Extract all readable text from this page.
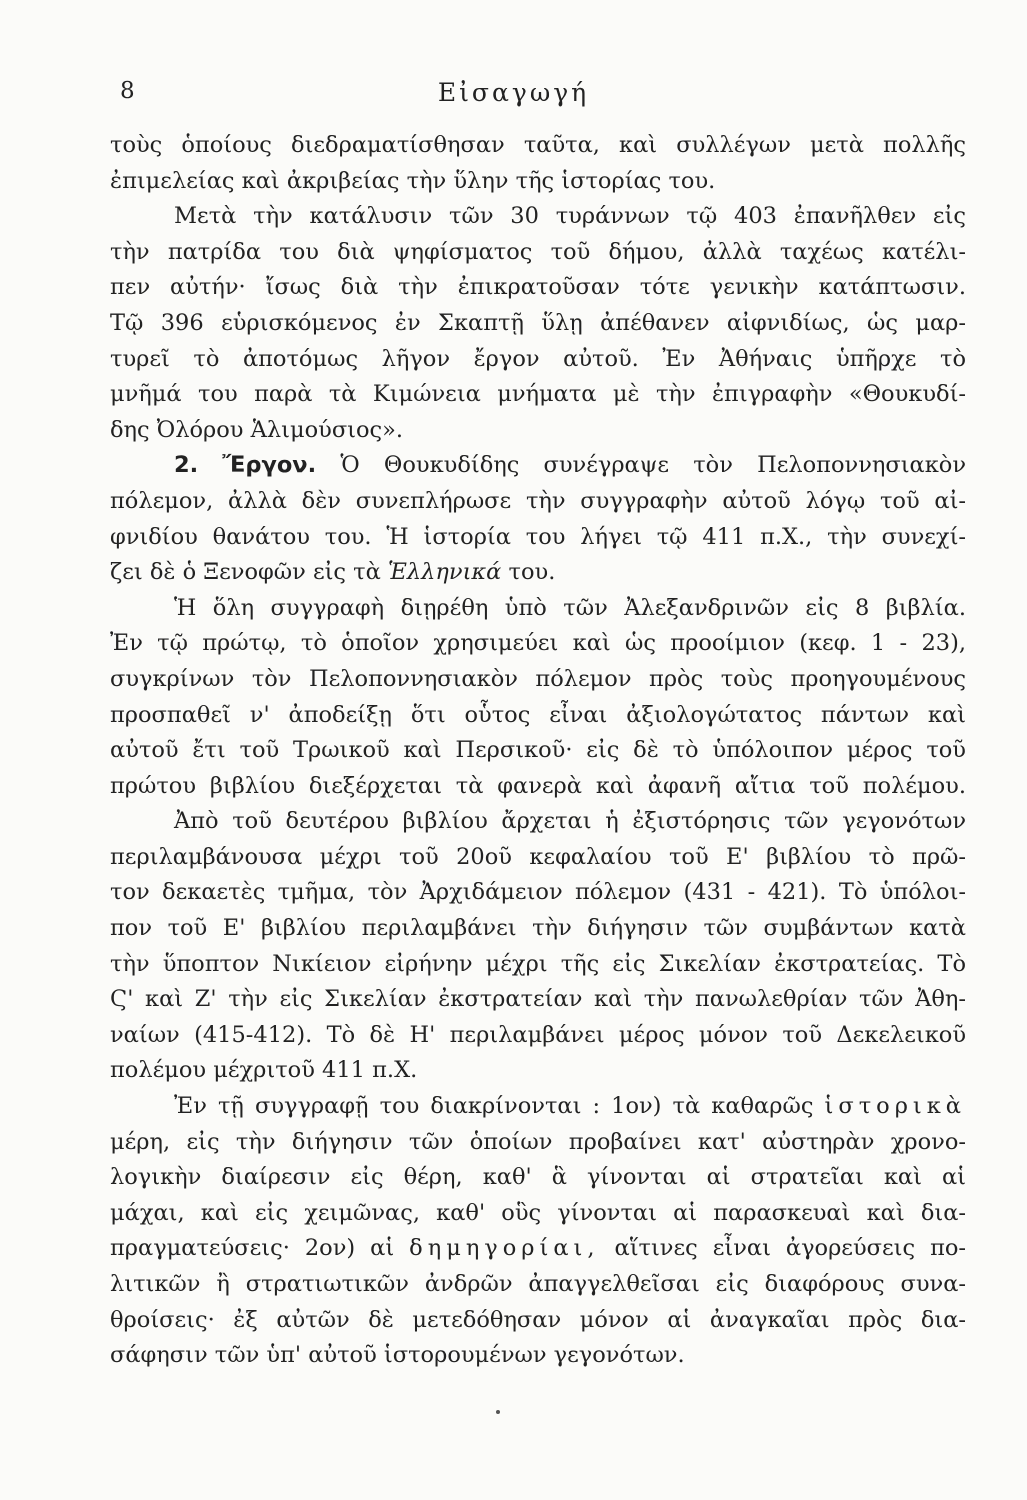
8	Εἰσαγωγή
τοὺς ὁποίους διεδραματίσθησαν ταῦτα, καὶ συλλέγων μετὰ πολλῆς
ἐπιμελείας καὶ ἀκριβείας τὴν ὕλην τῆς ἱστορίας του.
Μετὰ τὴν κατάλυσιν τῶν 30 τυράννων τῷ 403 ἐπανῆλθεν εἰς
τὴν πατρίδα του διὰ ψηφίσματος τοῦ δήμου, ἀλλὰ ταχέως κατέλι-
πεν αὐτήν· ἴσως διὰ τὴν ἐπικρατοῦσαν τότε γενικὴν κατάπτωσιν.
Τῷ 396 εὑρισκόμενος ἐν Σκαπτῇ ὕλῃ ἀπέθανεν αἰφνιδίως, ὡς μαρ-
τυρεῖ τὸ ἀποτόμως λῆγον ἔργον αὐτοῦ. Ἐν Ἀθήναις ὑπῆρχε τὸ
μνῆμά του παρὰ τὰ Κιμώνεια μνήματα μὲ τὴν ἐπιγραφὴν «Θουκυδί-
δης Ὀλόρου Ἁλιμούσιος».
2. Ἔργον. Ὁ Θουκυδίδης συνέγραψε τὸν Πελοποννησιακὸν
πόλεμον, ἀλλὰ δὲν συνεπλήρωσε τὴν συγγραφὴν αὐτοῦ λόγῳ τοῦ αἰ-
φνιδίου θανάτου του. Ἡ ἱστορία του λήγει τῷ 411 π.Χ., τὴν συνεχί-
ζει δὲ ὁ Ξενοφῶν εἰς τὰ Ἑλληνικά του.
Ἡ ὅλη συγγραφὴ διῃρέθη ὑπὸ τῶν Ἀλεξανδρινῶν εἰς 8 βιβλία.
Ἐν τῷ πρώτῳ, τὸ ὁποῖον χρησιμεύει καὶ ὡς προοίμιον (κεφ. 1 - 23),
συγκρίνων τὸν Πελοποννησιακὸν πόλεμον πρὸς τοὺς προηγουμένους
προσπαθεῖ ν' ἀποδείξῃ ὅτι οὗτος εἶναι ἀξιολογώτατος πάντων καὶ
αὐτοῦ ἔτι τοῦ Τρωικοῦ καὶ Περσικοῦ· εἰς δὲ τὸ ὑπόλοιπον μέρος τοῦ
πρώτου βιβλίου διεξέρχεται τὰ φανερὰ καὶ ἀφανῆ αἴτια τοῦ πολέμου.
Ἀπὸ τοῦ δευτέρου βιβλίου ἄρχεται ἡ ἐξιστόρησις τῶν γεγονότων
περιλαμβάνουσα μέχρι τοῦ 20οῦ κεφαλαίου τοῦ Ε' βιβλίου τὸ πρῶ-
τον δεκαετὲς τμῆμα, τὸν Ἀρχιδάμειον πόλεμον (431 - 421). Τὸ ὑπόλοι-
πον τοῦ Ε' βιβλίου περιλαμβάνει τὴν διήγησιν τῶν συμβάντων κατὰ
τὴν ὕποπτον Νικίειον εἰρήνην μέχρι τῆς εἰς Σικελίαν ἐκστρατείας. Τὸ
Ϛ' καὶ Ζ' τὴν εἰς Σικελίαν ἐκστρατείαν καὶ τὴν πανωλεθρίαν τῶν Ἀθη-
ναίων (415-412). Τὸ δὲ Η' περιλαμβάνει μέρος μόνον τοῦ Δεκελεικοῦ
πολέμου μέχριτοῦ 411 π.Χ.
Ἐν τῇ συγγραφῇ του διακρίνονται : 1ον) τὰ καθαρῶς ἱστορικὰ
μέρη, εἰς τὴν διήγησιν τῶν ὁποίων προβαίνει κατ' αὐστηρὰν χρονο-
λογικὴν διαίρεσιν εἰς θέρη, καθ' ἃ γίνονται αἱ στρατεῖαι καὶ αἱ
μάχαι, καὶ εἰς χειμῶνας, καθ' οὓς γίνονται αἱ παρασκευαὶ καὶ δια-
πραγματεύσεις· 2ον) αἱ δημηγορίαι, αἵτινες εἶναι ἀγορεύσεις πο-
λιτικῶν ἢ στρατιωτικῶν ἀνδρῶν ἀπαγγελθεῖσαι εἰς διαφόρους συνα-
θροίσεις· ἐξ αὐτῶν δὲ μετεδόθησαν μόνον αἱ ἀναγκαῖαι πρὸς δια-
σάφησιν τῶν ὑπ' αὐτοῦ ἱστορουμένων γεγονότων.
